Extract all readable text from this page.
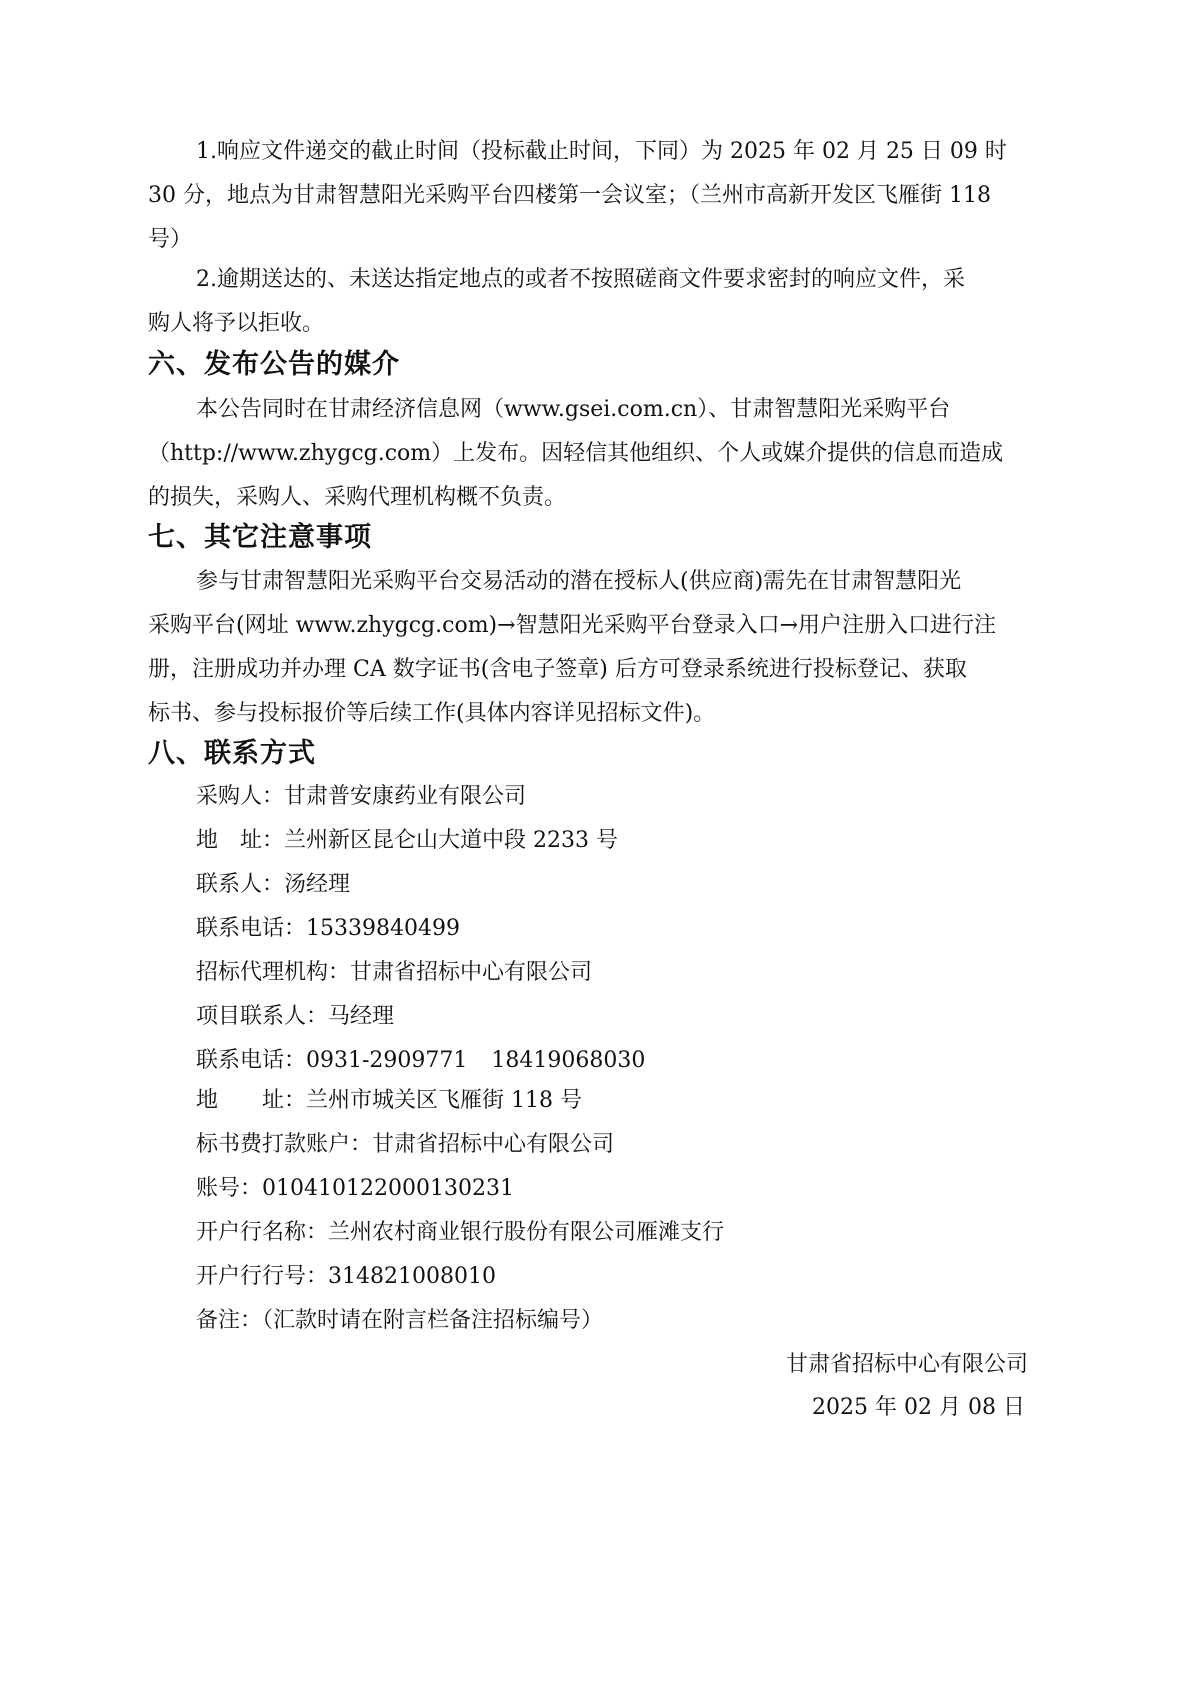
1.响应文件递交的截止时间（投标截止时间，下同）为 2025 年 02 月 25 日 09 时
30 分，地点为甘肃智慧阳光采购平台四楼第一会议室；（兰州市高新开发区飞雁街 118
号）
2.逾期送达的、未送达指定地点的或者不按照磋商文件要求密封的响应文件，采
购人将予以拒收。
六、发布公告的媒介
本公告同时在甘肃经济信息网（www.gsei.com.cn）、甘肃智慧阳光采购平台
（http://www.zhygcg.com）上发布。因轻信其他组织、个人或媒介提供的信息而造成
的损失，采购人、采购代理机构概不负责。
七、其它注意事项
参与甘肃智慧阳光采购平台交易活动的潜在授标人(供应商)需先在甘肃智慧阳光
采购平台(网址 www.zhygcg.com)→智慧阳光采购平台登录入口→用户注册入口进行注
册，注册成功并办理 CA 数字证书(含电子签章) 后方可登录系统进行投标登记、获取
标书、参与投标报价等后续工作(具体内容详见招标文件)。
八、联系方式
采购人：甘肃普安康药业有限公司
地　址：兰州新区昆仑山大道中段 2233 号
联系人：汤经理
联系电话：15339840499
招标代理机构：甘肃省招标中心有限公司
项目联系人：马经理
联系电话：0931-2909771 18419068030
地　　址：兰州市城关区飞雁街 118 号
标书费打款账户：甘肃省招标中心有限公司
账号：010410122000130231
开户行名称：兰州农村商业银行股份有限公司雁滩支行
开户行行号：314821008010
备注：（汇款时请在附言栏备注招标编号）
甘肃省招标中心有限公司
2025 年 02 月 08 日
